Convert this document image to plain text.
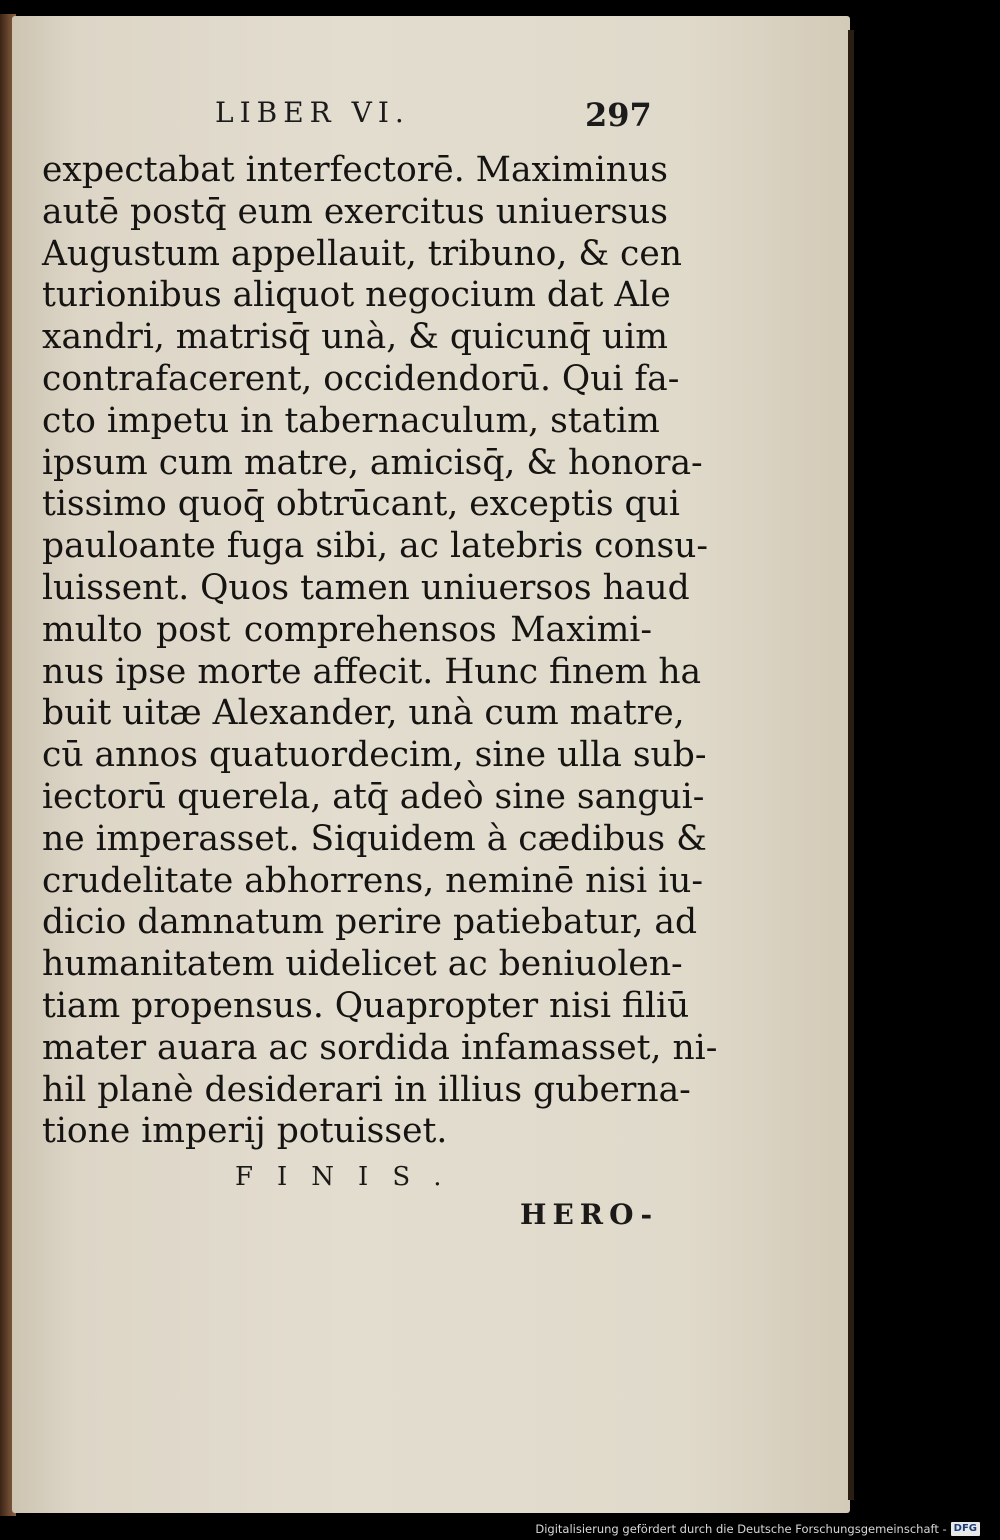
LIBER VI.	297
expectabat interfectorē. Maximinus
autē postq̄ eum exercitus uniuersus
Augustum appellauit, tribuno, & cen
turionibus aliquot negocium dat Ale
xandri, matrisq̄ unà, & quicunq̄ uim
contrafacerent, occidendorū. Qui fa-
cto impetu in tabernaculum, statim
ipsum cum matre, amicisq̄, & honora-
tissimo quoq̄ obtrūcant, exceptis qui
pauloante fuga sibi, ac latebris consu-
luissent. Quos tamen uniuersos haud
multo post comprehensos Maximi-
nus ipse morte affecit. Hunc finem ha
buit uitæ Alexander, unà cum matre,
cū annos quatuordecim, sine ulla sub-
iectorū querela, atq̄ adeò sine sangui-
ne imperasset. Siquidem à cædibus &
crudelitate abhorrens, neminē nisi iu-
dicio damnatum perire patiebatur, ad
humanitatem uidelicet ac beniuolen-
tiam propensus. Quapropter nisi filiū
mater auara ac sordida infamasset, ni-
hil planè desiderari in illius guberna-
tione imperij potuisset.
FINIS.
HERO-
Digitalisierung gefördert durch die Deutsche Forschungsgemeinschaft - DFG
